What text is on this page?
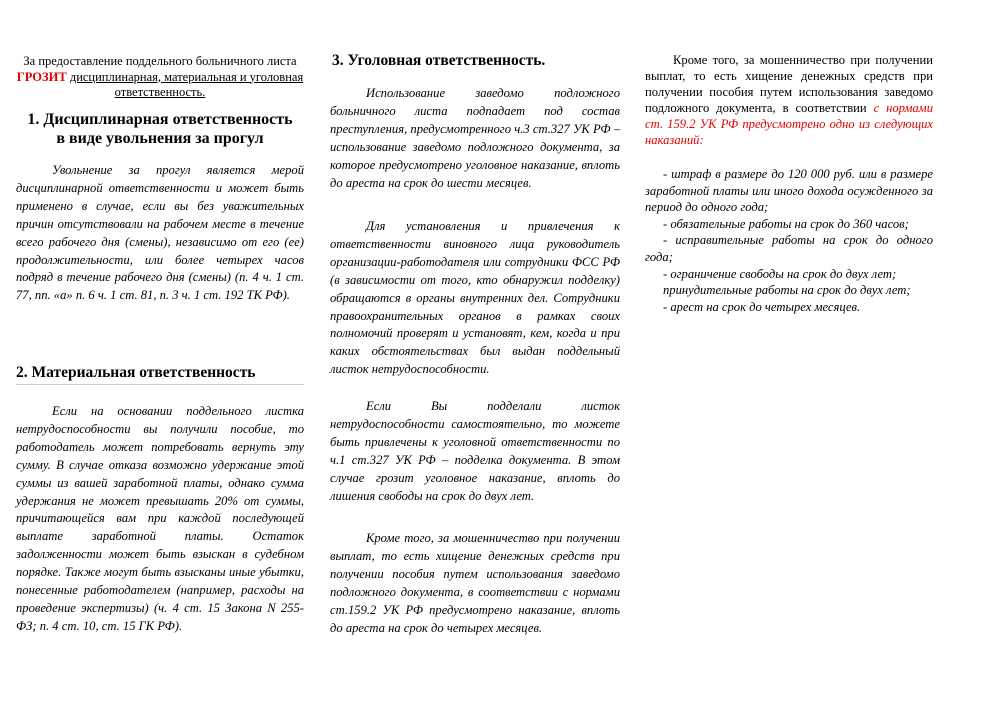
За предоставление поддельного больничного листа ГРОЗИТ дисциплинарная, материальная и уголовная ответственность.
1. Дисциплинарная ответственность
в виде увольнения за прогул
Увольнение за прогул является мерой дисциплинарной ответственности и может быть применено в случае, если вы без уважительных причин отсутствовали на рабочем месте в течение всего рабочего дня (смены), независимо от его (ее) продолжительности, или более четырех часов подряд в течение рабочего дня (смены) (п. 4 ч. 1 ст. 77, пп. «а» п. 6 ч. 1 ст. 81, п. 3 ч. 1 ст. 192 ТК РФ).
2. Материальная ответственность
Если на основании поддельного листка нетрудоспособности вы получили пособие, то работодатель может потребовать вернуть эту сумму. В случае отказа возможно удержание этой суммы из вашей заработной платы, однако сумма удержания не может превышать 20% от суммы, причитающейся вам при каждой последующей выплате заработной платы. Остаток задолженности может быть взыскан в судебном порядке. Также могут быть взысканы иные убытки, понесенные работодателем (например, расходы на проведение экспертизы) (ч. 4 ст. 15 Закона N 255-ФЗ; п. 4 ст. 10, ст. 15 ГК РФ).
3. Уголовная ответственность.
Использование заведомо подложного больничного листа подпадает под состав преступления, предусмотренного ч.3 ст.327 УК РФ – использование заведомо подложного документа, за которое предусмотрено уголовное наказание, вплоть до ареста на срок до шести месяцев.
Для установления и привлечения к ответственности виновного лица руководитель организации-работодателя или сотрудники ФСС РФ (в зависимости от того, кто обнаружил подделку) обращаются в органы внутренних дел. Сотрудники правоохранительных органов в рамках своих полномочий проверят и установят, кем, когда и при каких обстоятельствах был выдан поддельный листок нетрудоспособности.
Если Вы подделали листок нетрудоспособности самостоятельно, то можете быть привлечены к уголовной ответственности по ч.1 ст.327 УК РФ – подделка документа. В этом случае грозит уголовное наказание, вплоть до лишения свободы на срок до двух лет.
Кроме того, за мошенничество при получении выплат, то есть хищение денежных средств при получении пособия путем использования заведомо подложного документа, в соответствии с нормами ст.159.2 УК РФ предусмотрено наказание, вплоть до ареста на срок до четырех месяцев.
Кроме того, за мошенничество при получении выплат, то есть хищение денежных средств при получении пособия путем использования заведомо подложного документа, в соответствии с нормами ст. 159.2 УК РФ предусмотрено одно из следующих наказаний:
- штраф в размере до 120 000 руб. или в размере заработной платы или иного дохода осужденного за период до одного года;
- обязательные работы на срок до 360 часов;
- исправительные работы на срок до одного года;
- ограничение свободы на срок до двух лет;
принудительные работы на срок до двух лет;
- арест на срок до четырех месяцев.
